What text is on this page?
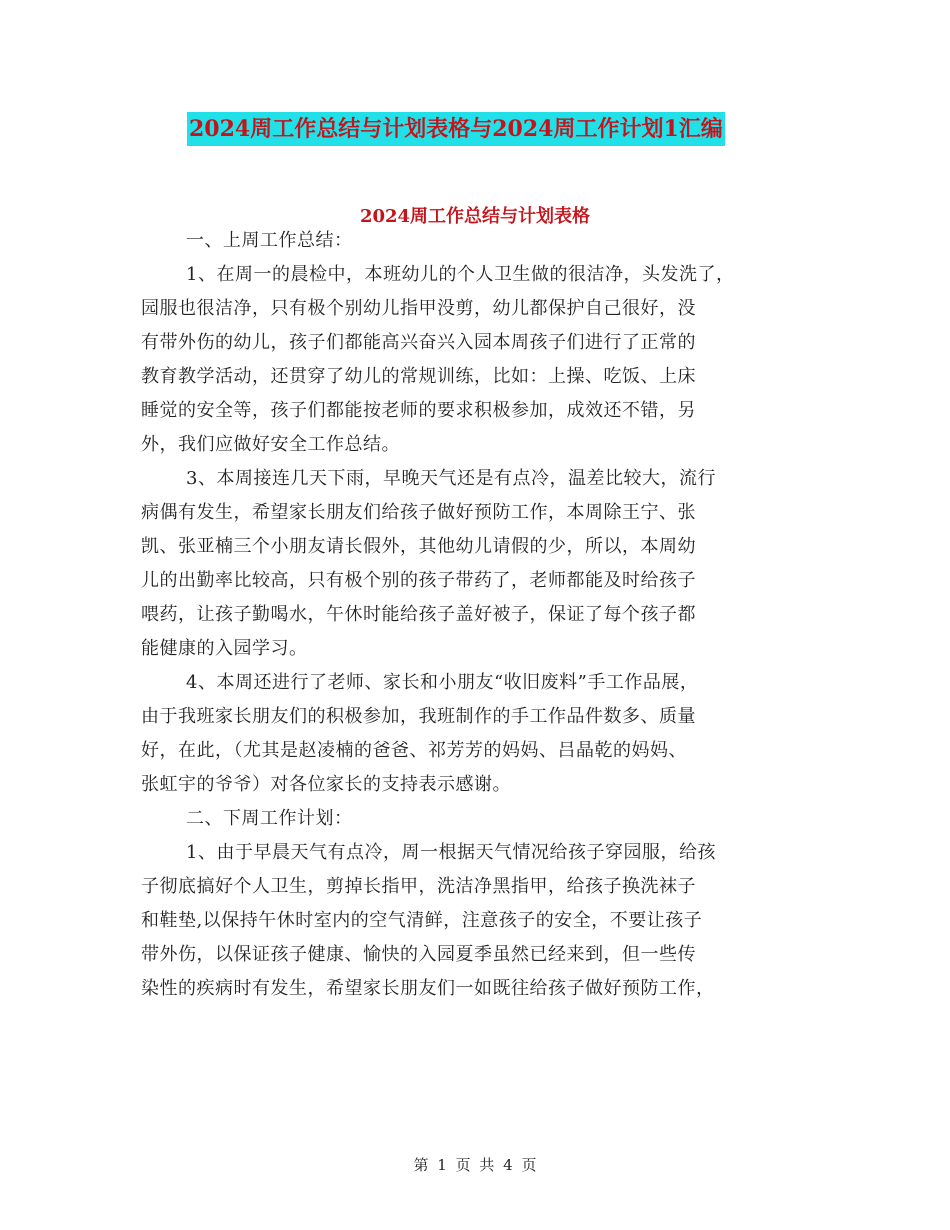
2024周工作总结与计划表格与2024周工作计划1汇编
2024周工作总结与计划表格
一、上周工作总结：
1、在周一的晨检中，本班幼儿的个人卫生做的很洁净，头发洗了，
园服也很洁净，只有极个别幼儿指甲没剪，幼儿都保护自己很好，没
有带外伤的幼儿，孩子们都能高兴奋兴入园本周孩子们进行了正常的
教育教学活动，还贯穿了幼儿的常规训练，比如：上操、吃饭、上床
睡觉的安全等，孩子们都能按老师的要求积极参加，成效还不错，另
外，我们应做好安全工作总结。
3、本周接连几天下雨，早晚天气还是有点冷，温差比较大，流行
病偶有发生，希望家长朋友们给孩子做好预防工作，本周除王宁、张
凯、张亚楠三个小朋友请长假外，其他幼儿请假的少，所以，本周幼
儿的出勤率比较高，只有极个别的孩子带药了，老师都能及时给孩子
喂药，让孩子勤喝水，午休时能给孩子盖好被子，保证了每个孩子都
能健康的入园学习。
4、本周还进行了老师、家长和小朋友“收旧废料”手工作品展，
由于我班家长朋友们的积极参加，我班制作的手工作品件数多、质量
好，在此，（尤其是赵凌楠的爸爸、祁芳芳的妈妈、吕晶乾的妈妈、
张虹宇的爷爷）对各位家长的支持表示感谢。
二、下周工作计划：
1、由于早晨天气有点冷，周一根据天气情况给孩子穿园服，给孩
子彻底搞好个人卫生，剪掉长指甲，洗洁净黑指甲，给孩子换洗袜子
和鞋垫,以保持午休时室内的空气清鲜，注意孩子的安全，不要让孩子
带外伤，以保证孩子健康、愉快的入园夏季虽然已经来到，但一些传
染性的疾病时有发生，希望家长朋友们一如既往给孩子做好预防工作，
第 1 页 共 4 页
